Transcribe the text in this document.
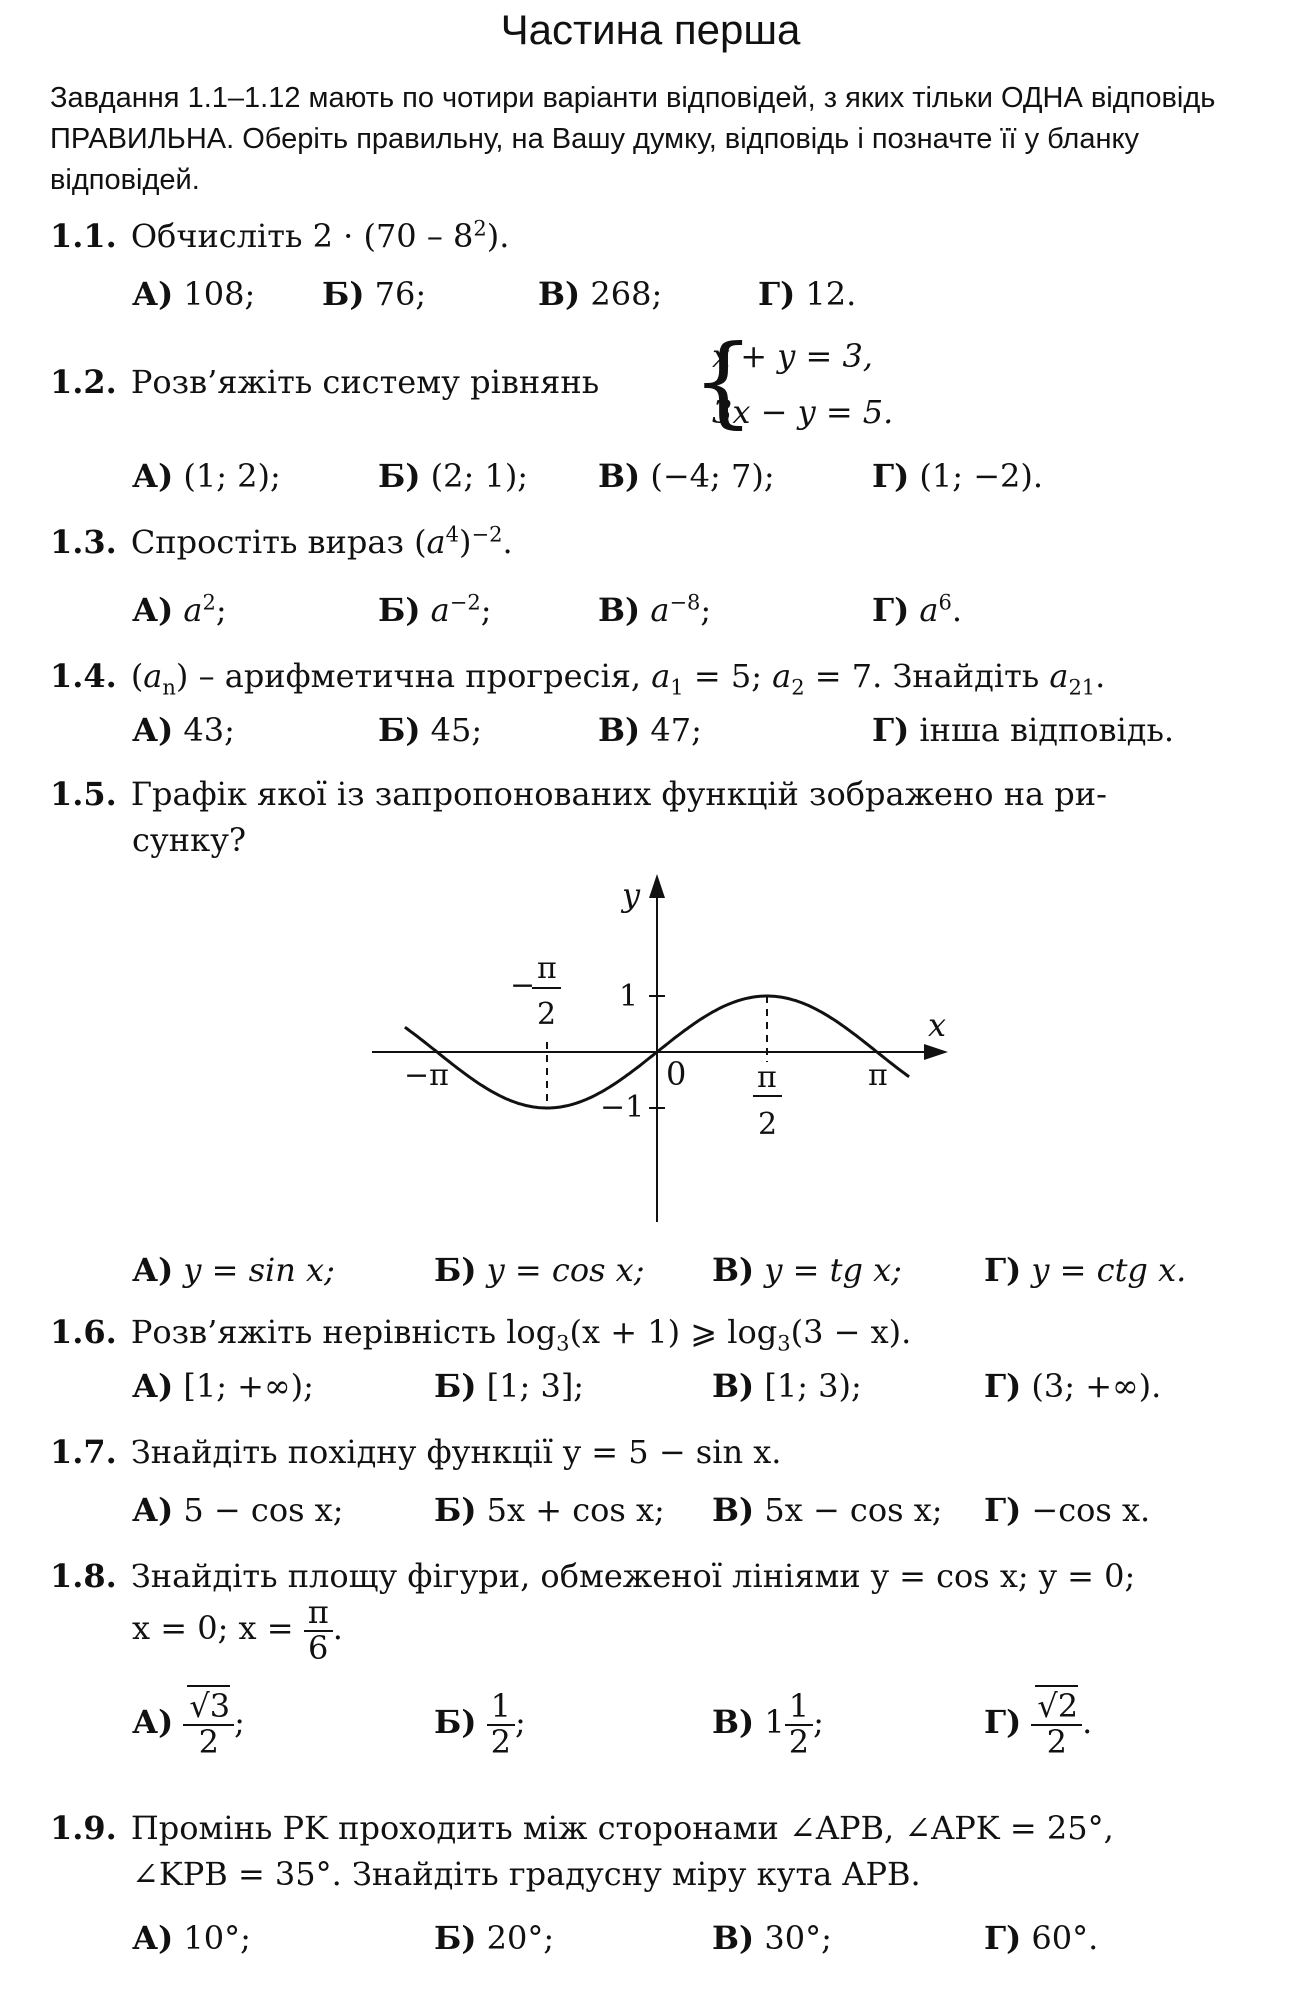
Частина перша
Завдання 1.1–1.12 мають по чотири варіанти відповідей, з яких тільки ОДНА відповідь ПРАВИЛЬНА. Оберіть правильну, на Вашу думку, відповідь і позначте її у бланку відповідей.
1.1. Обчисліть $2 \cdot (70 - 8^2)$.
А) 108; Б) 76;	В) 268;	Г) 12.
1.2. Розв’яжіть систему рівнянь {
x + y = 3,
3x − y = 5.
А) (1; 2);	Б) (2; 1); В) (−4; 7);	Г) (1; −2).
1.3. Спростіть вираз $(a^4)^{-2}$.
А) $a^2$;	Б) $a^{-2}$;	В) $a^{-8}$;	Г) $a^6$.
1.4. $(a_n)$ – арифметична прогресія, $a_1 = 5$; $a_2 = 7$. Знайдіть $a_{21}$.
А) 43;	Б) 45;	В) 47;	Г) інша відповідь.
1.5. Графік якої із запропонованих функцій зображено на ри-
сунку?
y
x
0
1
−1
−π	π
π
2
− π
2
А) y = sin x;	Б) y = cos x; В) y = tg x;	Г) y = ctg x.
1.6. Розв’яжіть нерівність $\log_3(x + 1)$ ⩾ $\log_3(3 - x)$.
А) [1; +∞);	Б) [1; 3];	В) [1; 3);	Г) (3; +∞).
1.7. Знайдіть похідну функції y = 5 − sin x.
А) 5 − cos x;	Б) 5x + cos x; В) 5x − cos x; Г) −cos x.
1.8. Знайдіть площу фігури, обмеженої лініями y = cos x; y = 0;
x = 0; $x = \frac{\pi}{6}$ .
$А) \frac{√3}{2}$ ;	$Б) \frac{1}{2}$ ;	В) $1 \frac{1}{2}$ ;	$Г) \frac{√2}{2}$ .
1.9. Промінь PK проходить між сторонами ∠APB, ∠APK = 25°,
∠KPB = 35°. Знайдіть градусну міру кута APB.
А) 10°;	Б) 20°;	В) 30°;	Г) 60°.
